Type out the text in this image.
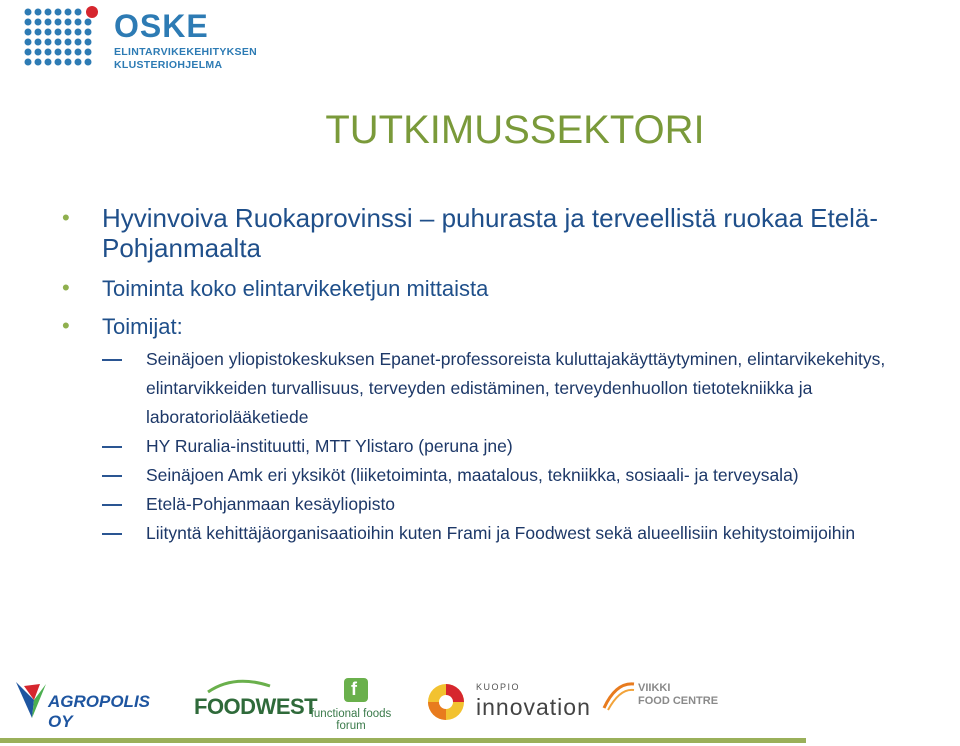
OSKE
ELINTARVIKEKEHITYKSEN
KLUSTERIOHJELMA
TUTKIMUSSEKTORI
• Hyvinvoiva Ruokaprovinssi – puhurasta ja terveellistä ruokaa Etelä-Pohjanmaalta
• Toiminta koko elintarvikeketjun mittaista
• Toimijat:
Seinäjoen yliopistokeskuksen Epanet-professoreista kuluttajakäyttäytyminen, elintarvikekehitys, elintarvikkeiden turvallisuus, terveyden edistäminen, terveydenhuollon tietotekniikka ja laboratoriolääketiede
HY Ruralia-instituutti, MTT Ylistaro (peruna jne)
Seinäjoen Amk eri yksiköt (liiketoiminta, maatalous, tekniikka, sosiaali- ja terveysala)
Etelä-Pohjanmaan kesäyliopisto
Liityntä kehittäjäorganisaatioihin kuten Frami ja Foodwest sekä alueellisiin kehitystoimijoihin
AGROPOLIS OY
FOODWEST
f
functional foods forum
KUOPIO
innovation
VIIKKI
FOOD CENTRE
